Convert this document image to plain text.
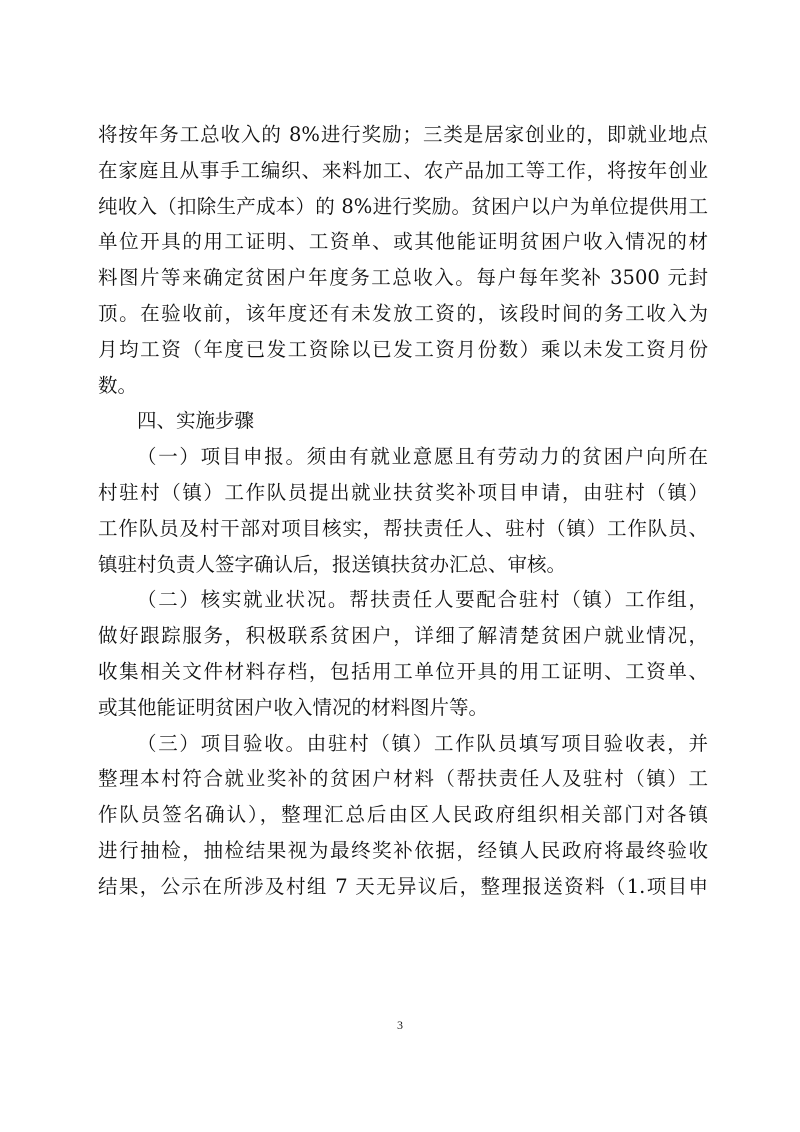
将按年务工总收入的 8%进行奖励；三类是居家创业的，即就业地点
在家庭且从事手工编织、来料加工、农产品加工等工作，将按年创业
纯收入（扣除生产成本）的 8%进行奖励。贫困户以户为单位提供用工
单位开具的用工证明、工资单、或其他能证明贫困户收入情况的材
料图片等来确定贫困户年度务工总收入。每户每年奖补 3500 元封
顶。在验收前，该年度还有未发放工资的，该段时间的务工收入为
月均工资（年度已发工资除以已发工资月份数）乘以未发工资月份
数。
四、实施步骤
（一）项目申报。须由有就业意愿且有劳动力的贫困户向所在
村驻村（镇）工作队员提出就业扶贫奖补项目申请，由驻村（镇）
工作队员及村干部对项目核实，帮扶责任人、驻村（镇）工作队员、
镇驻村负责人签字确认后，报送镇扶贫办汇总、审核。
（二）核实就业状况。帮扶责任人要配合驻村（镇）工作组，
做好跟踪服务，积极联系贫困户，详细了解清楚贫困户就业情况，
收集相关文件材料存档，包括用工单位开具的用工证明、工资单、
或其他能证明贫困户收入情况的材料图片等。
（三）项目验收。由驻村（镇）工作队员填写项目验收表，并
整理本村符合就业奖补的贫困户材料（帮扶责任人及驻村（镇）工
作队员签名确认），整理汇总后由区人民政府组织相关部门对各镇
进行抽检，抽检结果视为最终奖补依据，经镇人民政府将最终验收
结果，公示在所涉及村组 7 天无异议后，整理报送资料（1.项目申
3
